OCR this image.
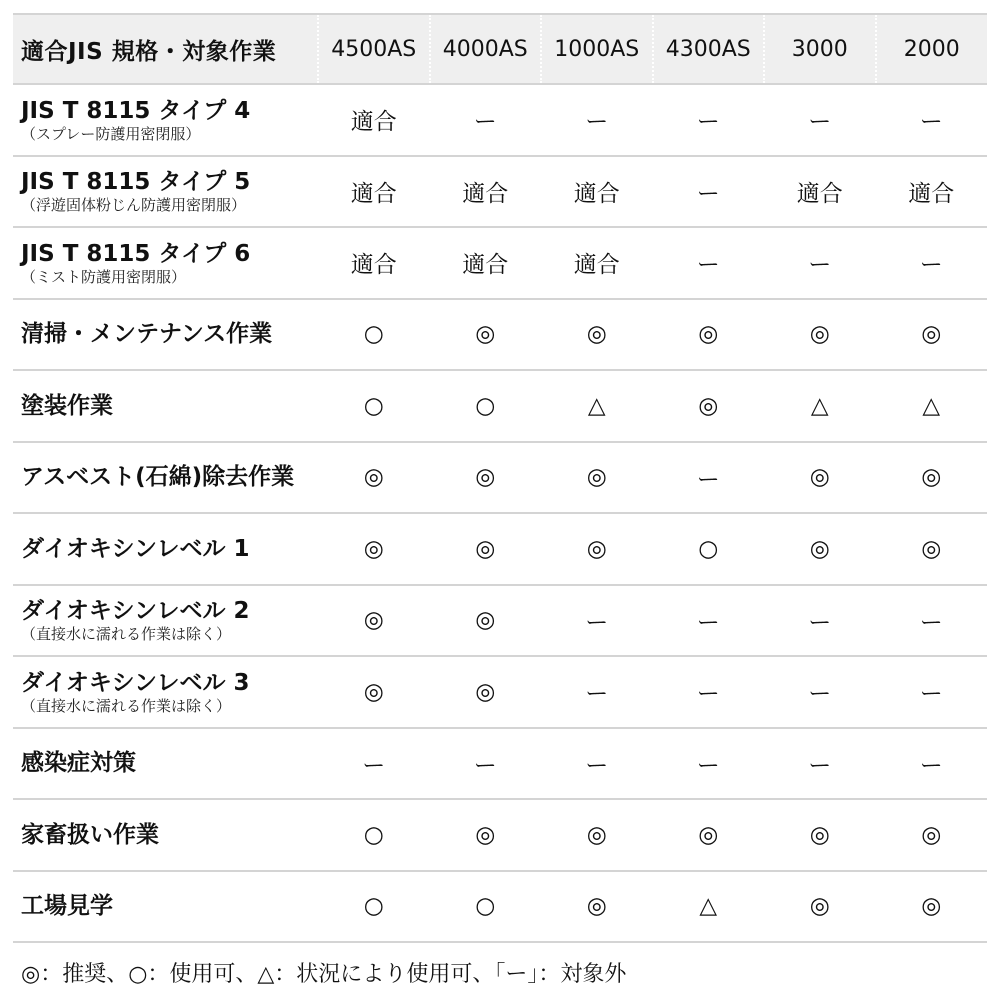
適合JIS 規格・対象作業	4500AS	4000AS	1000AS	4300AS	3000	2000

JIS T 8115 タイプ 4
（スプレー防護用密閉服）	適合	ー	ー	ー	ー	ー

JIS T 8115 タイプ 5
（浮遊固体粉じん防護用密閉服）	適合	適合	適合	ー	適合	適合

JIS T 8115 タイプ 6
（ミスト防護用密閉服）	適合	適合	適合	ー	ー	ー

清掃・メンテナンス作業	○	◎	◎	◎	◎	◎

塗装作業	○	○	△	◎	△	△

アスベスト(石綿)除去作業	◎	◎	◎	ー	◎	◎

ダイオキシンレベル 1	◎	◎	◎	○	◎	◎

ダイオキシンレベル 2
（直接水に濡れる作業は除く）	◎	◎	ー	ー	ー	ー

ダイオキシンレベル 3
（直接水に濡れる作業は除く）	◎	◎	ー	ー	ー	ー

感染症対策	ー	ー	ー	ー	ー	ー

家畜扱い作業	○	◎	◎	◎	◎	◎

工場見学	○	○	◎	△	◎	◎
◎：推奨、○：使用可、△：状況により使用可、「ー」：対象外
